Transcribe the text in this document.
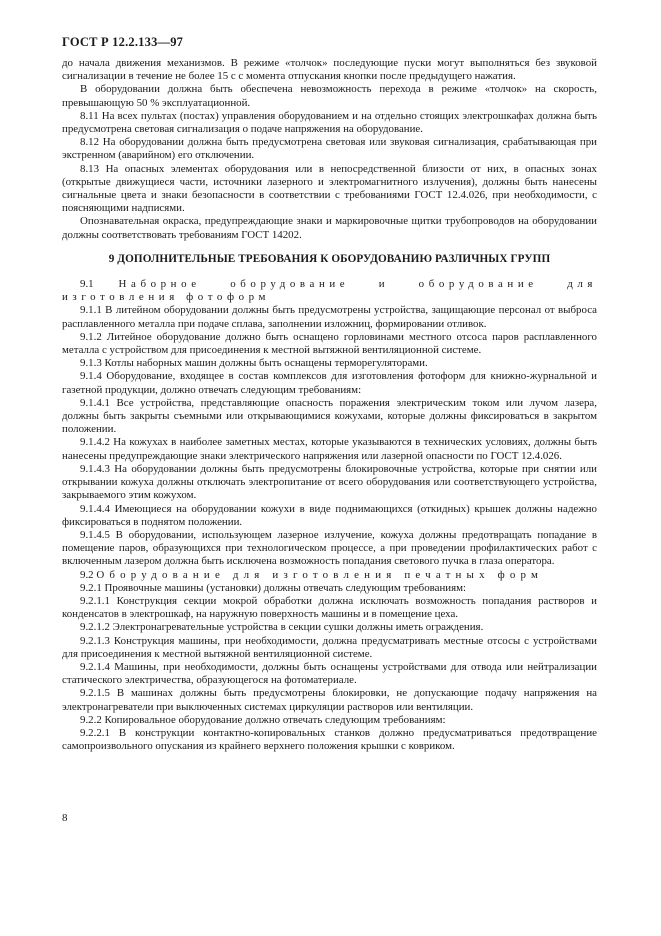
ГОСТ Р 12.2.133—97

до начала движения механизмов. В режиме «толчок» последующие пуски могут выполняться без звуковой сигнализации в течение не более 15 с с момента отпускания кнопки после предыдущего нажатия.

В оборудовании должна быть обеспечена невозможность перехода в режиме «толчок» на скорость, превышающую 50 % эксплуатационной.

8.11 На всех пультах (постах) управления оборудованием и на отдельно стоящих электрошкафах должна быть предусмотрена световая сигнализация о подаче напряжения на оборудование.

8.12 На оборудовании должна быть предусмотрена световая или звуковая сигнализация, срабатывающая при экстренном (аварийном) его отключении.

8.13 На опасных элементах оборудования или в непосредственной близости от них, в опасных зонах (открытые движущиеся части, источники лазерного и электромагнитного излучения), должны быть нанесены сигнальные цвета и знаки безопасности в соответствии с требованиями ГОСТ 12.4.026, при необходимости, с поясняющими надписями.

Опознавательная окраска, предупреждающие знаки и маркировочные щитки трубопроводов на оборудовании должны соответствовать требованиям ГОСТ 14202.

9 ДОПОЛНИТЕЛЬНЫЕ ТРЕБОВАНИЯ К ОБОРУДОВАНИЮ РАЗЛИЧНЫХ ГРУПП

9.1 Наборное оборудование и оборудование для изготовления фотоформ

9.1.1 В литейном оборудовании должны быть предусмотрены устройства, защищающие персонал от выброса расплавленного металла при подаче сплава, заполнении изложниц, формировании отливок.

9.1.2 Литейное оборудование должно быть оснащено горловинами местного отсоса паров расплавленного металла с устройством для присоединения к местной вытяжной вентиляционной системе.

9.1.3 Котлы наборных машин должны быть оснащены терморегуляторами.

9.1.4 Оборудование, входящее в состав комплексов для изготовления фотоформ для книжно-журнальной и газетной продукции, должно отвечать следующим требованиям:

9.1.4.1 Все устройства, представляющие опасность поражения электрическим током или лучом лазера, должны быть закрыты съемными или открывающимися кожухами, которые должны фиксироваться в закрытом положении.

9.1.4.2 На кожухах в наиболее заметных местах, которые указываются в технических условиях, должны быть нанесены предупреждающие знаки электрического напряжения или лазерной опасности по ГОСТ 12.4.026.

9.1.4.3 На оборудовании должны быть предусмотрены блокировочные устройства, которые при снятии или открывании кожуха должны отключать электропитание от всего оборудования или соответствующего устройства, закрываемого этим кожухом.

9.1.4.4 Имеющиеся на оборудовании кожухи в виде поднимающихся (откидных) крышек должны надежно фиксироваться в поднятом положении.

9.1.4.5 В оборудовании, использующем лазерное излучение, кожуха должны предотвращать попадание в помещение паров, образующихся при технологическом процессе, а при проведении профилактических работ с включенным лазером должна быть исключена возможность попадания светового пучка в глаза оператора.

9.2 Оборудование для изготовления печатных форм

9.2.1 Проявочные машины (установки) должны отвечать следующим требованиям:

9.2.1.1 Конструкция секции мокрой обработки должна исключать возможность попадания растворов и конденсатов в электрошкаф, на наружную поверхность машины и в помещение цеха.

9.2.1.2 Электронагревательные устройства в секции сушки должны иметь ограждения.

9.2.1.3 Конструкция машины, при необходимости, должна предусматривать местные отсосы с устройствами для присоединения к местной вытяжной вентиляционной системе.

9.2.1.4 Машины, при необходимости, должны быть оснащены устройствами для отвода или нейтрализации статического электричества, образующегося на фотоматериале.

9.2.1.5 В машинах должны быть предусмотрены блокировки, не допускающие подачу напряжения на электронагреватели при выключенных системах циркуляции растворов или вентиляции.

9.2.2 Копировальное оборудование должно отвечать следующим требованиям:

9.2.2.1 В конструкции контактно-копировальных станков должно предусматриваться предотвращение самопроизвольного опускания из крайнего верхнего положения крышки с ковриком.

8
